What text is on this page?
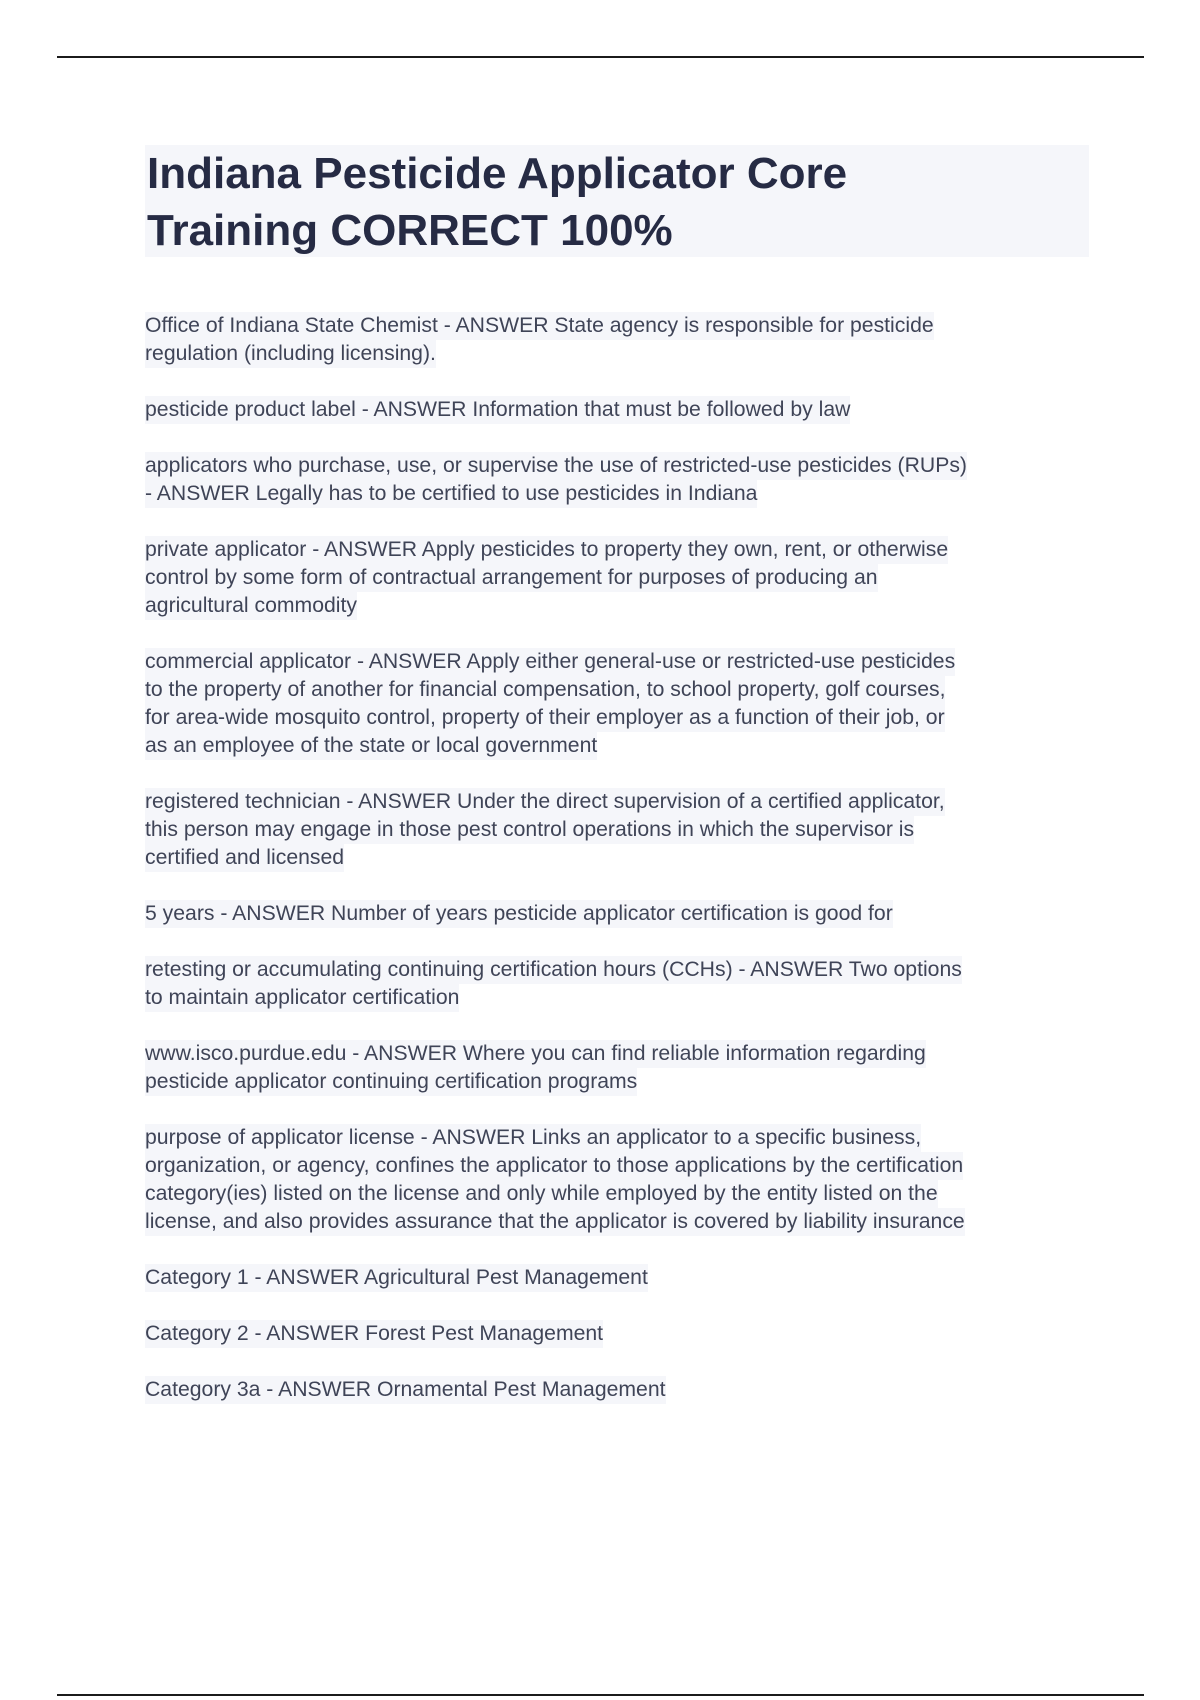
Indiana Pesticide Applicator Core
Training CORRECT 100%
Office of Indiana State Chemist - ANSWER State agency is responsible for pesticide
regulation (including licensing).
pesticide product label - ANSWER Information that must be followed by law
applicators who purchase, use, or supervise the use of restricted-use pesticides (RUPs)
- ANSWER Legally has to be certified to use pesticides in Indiana
private applicator - ANSWER Apply pesticides to property they own, rent, or otherwise
control by some form of contractual arrangement for purposes of producing an
agricultural commodity
commercial applicator - ANSWER Apply either general-use or restricted-use pesticides
to the property of another for financial compensation, to school property, golf courses,
for area-wide mosquito control, property of their employer as a function of their job, or
as an employee of the state or local government
registered technician - ANSWER Under the direct supervision of a certified applicator,
this person may engage in those pest control operations in which the supervisor is
certified and licensed
5 years - ANSWER Number of years pesticide applicator certification is good for
retesting or accumulating continuing certification hours (CCHs) - ANSWER Two options
to maintain applicator certification
www.isco.purdue.edu - ANSWER Where you can find reliable information regarding
pesticide applicator continuing certification programs
purpose of applicator license - ANSWER Links an applicator to a specific business,
organization, or agency, confines the applicator to those applications by the certification
category(ies) listed on the license and only while employed by the entity listed on the
license, and also provides assurance that the applicator is covered by liability insurance
Category 1 - ANSWER Agricultural Pest Management
Category 2 - ANSWER Forest Pest Management
Category 3a - ANSWER Ornamental Pest Management
